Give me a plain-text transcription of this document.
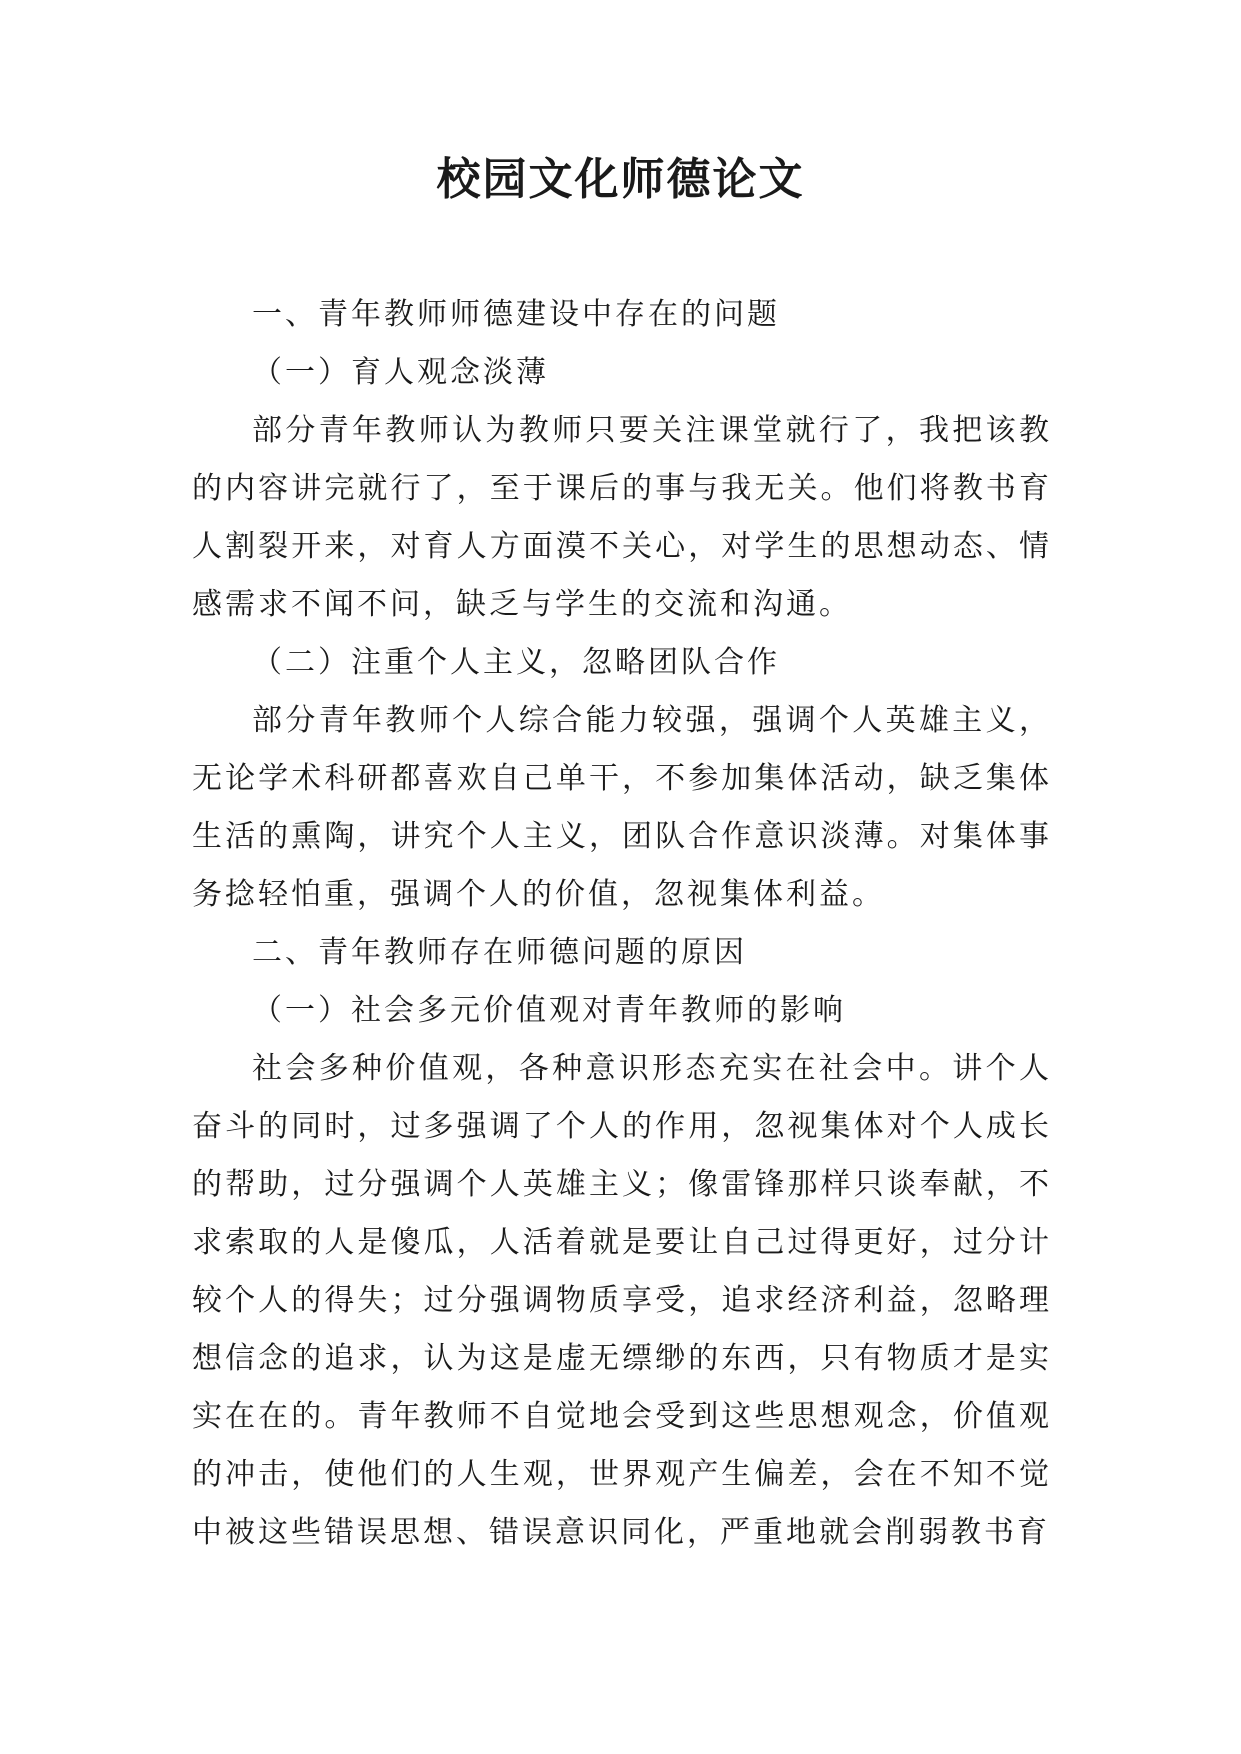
校园文化师德论文

一、青年教师师德建设中存在的问题

（一）育人观念淡薄

部分青年教师认为教师只要关注课堂就行了，我把该教的内容讲完就行了，至于课后的事与我无关。他们将教书育人割裂开来，对育人方面漠不关心，对学生的思想动态、情感需求不闻不问，缺乏与学生的交流和沟通。

（二）注重个人主义，忽略团队合作

部分青年教师个人综合能力较强，强调个人英雄主义，无论学术科研都喜欢自己单干，不参加集体活动，缺乏集体生活的熏陶，讲究个人主义，团队合作意识淡薄。对集体事务捻轻怕重，强调个人的价值，忽视集体利益。

二、青年教师存在师德问题的原因

（一）社会多元价值观对青年教师的影响

社会多种价值观，各种意识形态充实在社会中。讲个人奋斗的同时，过多强调了个人的作用，忽视集体对个人成长的帮助，过分强调个人英雄主义；像雷锋那样只谈奉献，不求索取的人是傻瓜，人活着就是要让自己过得更好，过分计较个人的得失；过分强调物质享受，追求经济利益，忽略理想信念的追求，认为这是虚无缥缈的东西，只有物质才是实实在在的。青年教师不自觉地会受到这些思想观念，价值观的冲击，使他们的人生观，世界观产生偏差，会在不知不觉中被这些错误思想、错误意识同化，严重地就会削弱教书育
